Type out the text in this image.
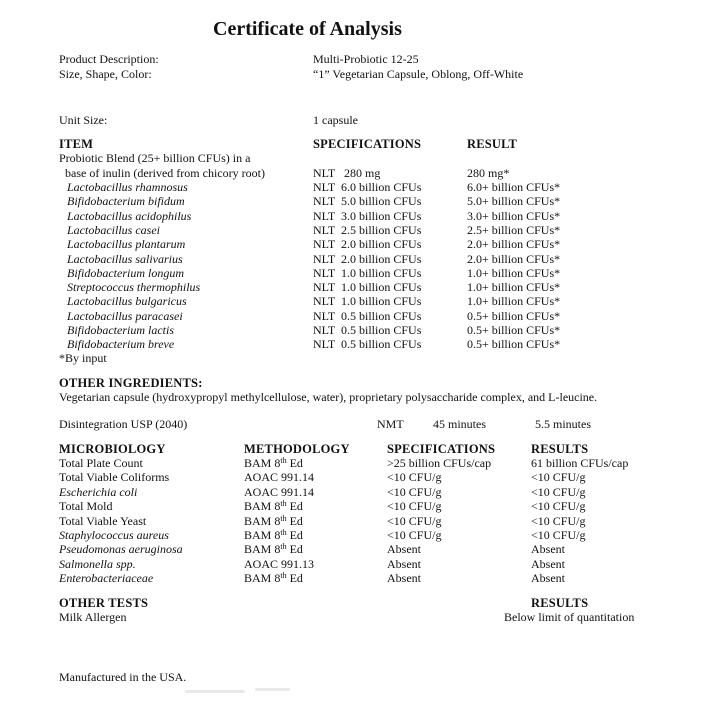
Certificate of Analysis
Product Description:	Multi-Probiotic 12-25
Size, Shape, Color:	“1” Vegetarian Capsule, Oblong, Off-White
Unit Size:	1 capsule
ITEM	SPECIFICATIONS	RESULT
Probiotic Blend (25+ billion CFUs) in a
base of inulin (derived from chicory root)	NLT   280 mg	280 mg*
Lactobacillus rhamnosus	NLT  6.0 billion CFUs	6.0+ billion CFUs*
Bifidobacterium bifidum	NLT  5.0 billion CFUs	5.0+ billion CFUs*
Lactobacillus acidophilus	NLT  3.0 billion CFUs	3.0+ billion CFUs*
Lactobacillus casei	NLT  2.5 billion CFUs	2.5+ billion CFUs*
Lactobacillus plantarum	NLT  2.0 billion CFUs	2.0+ billion CFUs*
Lactobacillus salivarius	NLT  2.0 billion CFUs	2.0+ billion CFUs*
Bifidobacterium longum	NLT  1.0 billion CFUs	1.0+ billion CFUs*
Streptococcus thermophilus	NLT  1.0 billion CFUs	1.0+ billion CFUs*
Lactobacillus bulgaricus	NLT  1.0 billion CFUs	1.0+ billion CFUs*
Lactobacillus paracasei	NLT  0.5 billion CFUs	0.5+ billion CFUs*
Bifidobacterium lactis	NLT  0.5 billion CFUs	0.5+ billion CFUs*
Bifidobacterium breve	NLT  0.5 billion CFUs	0.5+ billion CFUs*
*By input
OTHER INGREDIENTS:
Vegetarian capsule (hydroxypropyl methylcellulose, water), proprietary polysaccharide complex, and L-leucine.
Disintegration USP (2040)	NMT 45 minutes	5.5 minutes
MICROBIOLOGY	METHODOLOGY	SPECIFICATIONS	RESULTS
Total Plate Count	BAM 8th Ed	>25 billion CFUs/cap	61 billion CFUs/cap
Total Viable Coliforms	AOAC 991.14	<10 CFU/g	<10 CFU/g
Escherichia coli	AOAC 991.14	<10 CFU/g	<10 CFU/g
Total Mold	BAM 8th Ed	<10 CFU/g	<10 CFU/g
Total Viable Yeast	BAM 8th Ed	<10 CFU/g	<10 CFU/g
Staphylococcus aureus	BAM 8th Ed	<10 CFU/g	<10 CFU/g
Pseudomonas aeruginosa	BAM 8th Ed	Absent	Absent
Salmonella spp.	AOAC 991.13	Absent	Absent
Enterobacteriaceae	BAM 8th Ed	Absent	Absent
OTHER TESTS	RESULTS
Milk Allergen	Below limit of quantitation
Manufactured in the USA.
